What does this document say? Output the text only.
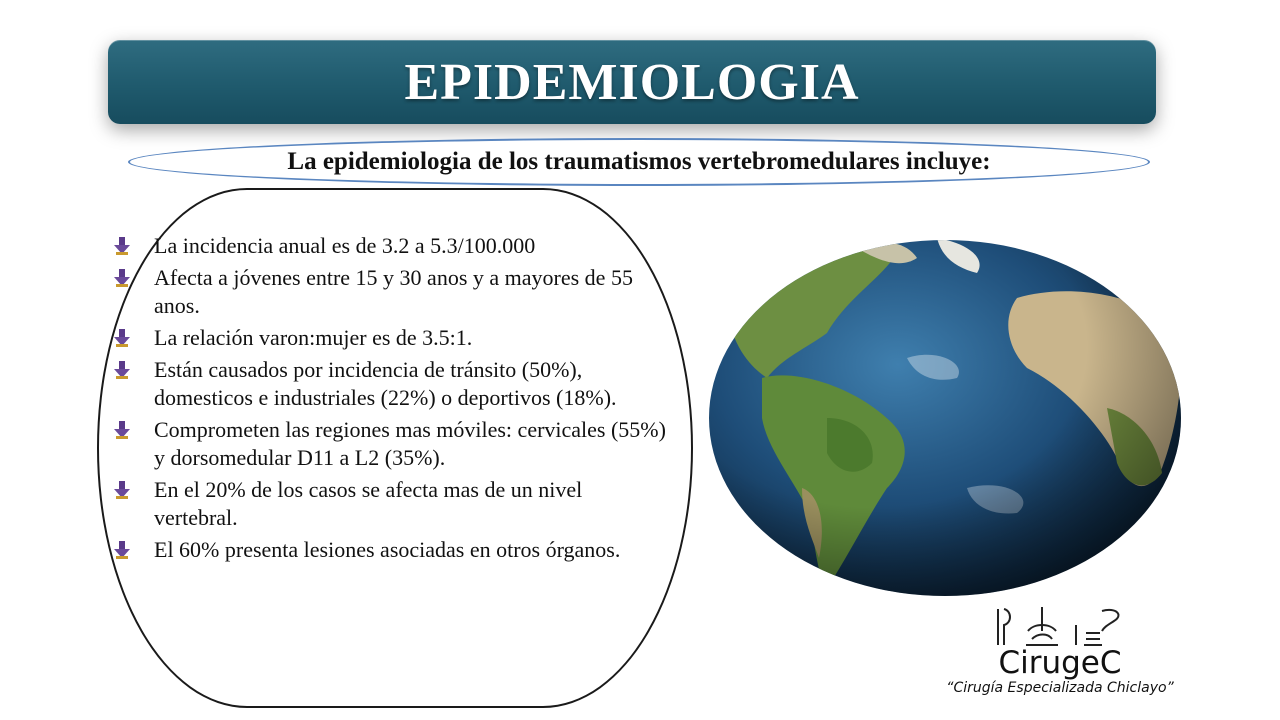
EPIDEMIOLOGIA
La epidemiologia de los traumatismos vertebromedulares incluye:
La incidencia anual es de 3.2 a 5.3/100.000
Afecta a jóvenes entre 15 y 30 anos y a mayores de 55 anos.
La relación varon:mujer es de 3.5:1.
Están causados por incidencia de tránsito (50%), domesticos e industriales (22%) o deportivos (18%).
Comprometen las regiones mas móviles: cervicales (55%) y dorsomedular D11 a L2 (35%).
En el 20% de los casos se afecta mas de un nivel vertebral.
El 60% presenta lesiones asociadas en otros órganos.
CirugeC
“Cirugía Especializada Chiclayo”
